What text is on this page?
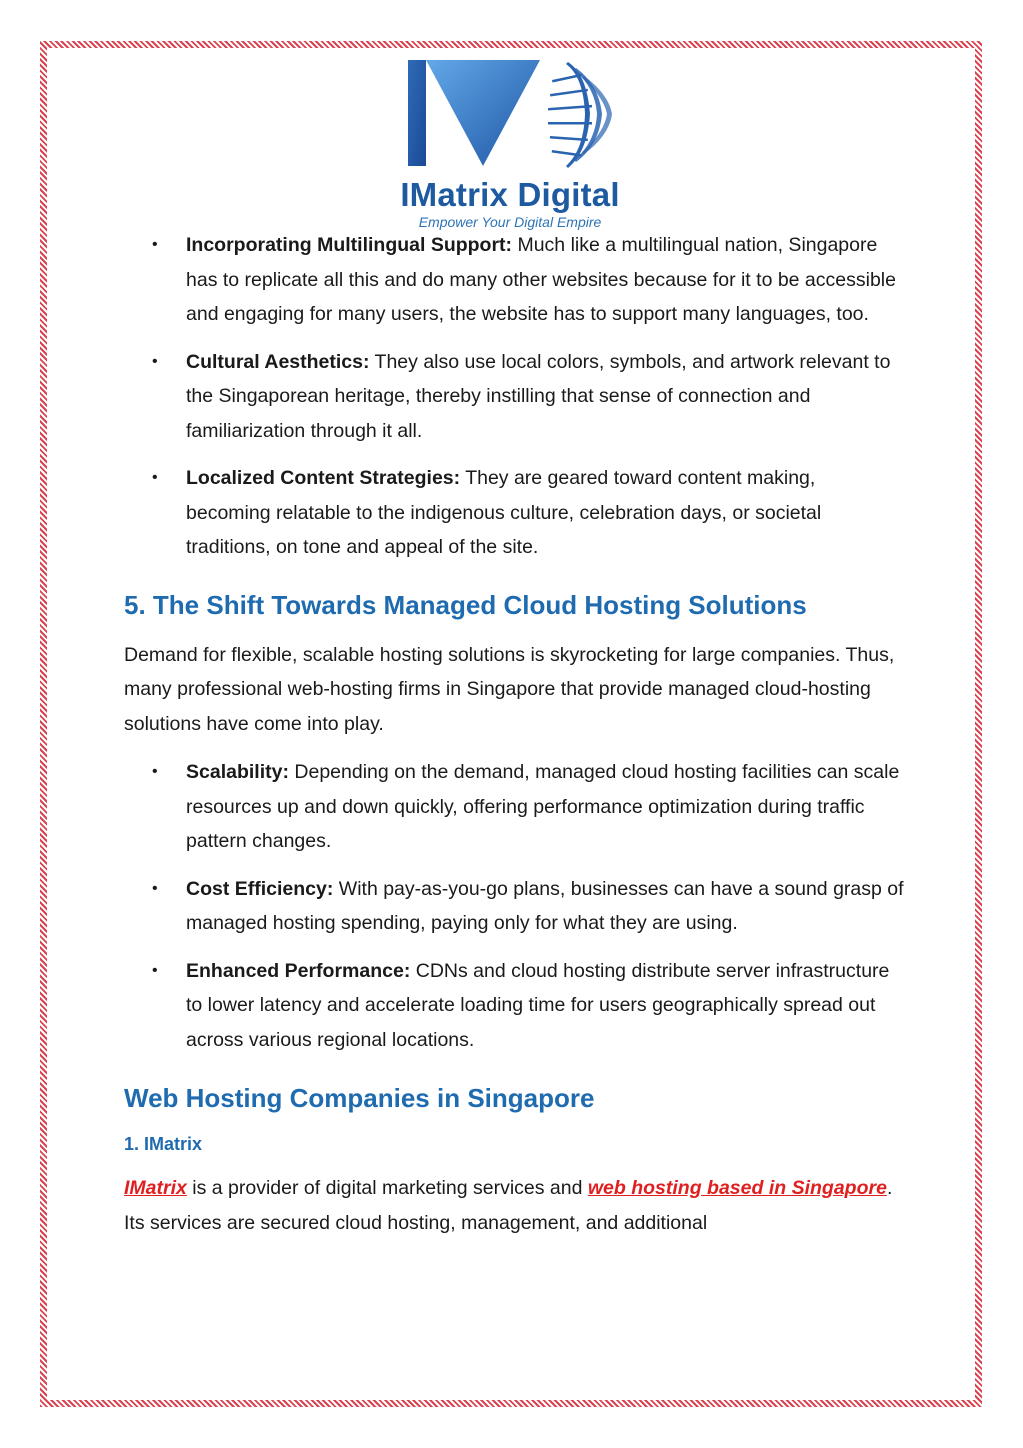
IMatrix Digital
Empower Your Digital Empire
• Incorporating Multilingual Support: Much like a multilingual nation, Singapore has to replicate all this and do many other websites because for it to be accessible and engaging for many users, the website has to support many languages, too.
• Cultural Aesthetics: They also use local colors, symbols, and artwork relevant to the Singaporean heritage, thereby instilling that sense of connection and familiarization through it all.
• Localized Content Strategies: They are geared toward content making, becoming relatable to the indigenous culture, celebration days, or societal traditions, on tone and appeal of the site.
5. The Shift Towards Managed Cloud Hosting Solutions

Demand for flexible, scalable hosting solutions is skyrocketing for large companies. Thus, many professional web-hosting firms in Singapore that provide managed cloud-hosting solutions have come into play.

• Scalability: Depending on the demand, managed cloud hosting facilities can scale resources up and down quickly, offering performance optimization during traffic pattern changes.
• Cost Efficiency: With pay-as-you-go plans, businesses can have a sound grasp of managed hosting spending, paying only for what they are using.
• Enhanced Performance: CDNs and cloud hosting distribute server infrastructure to lower latency and accelerate loading time for users geographically spread out across various regional locations.
Web Hosting Companies in Singapore
1. IMatrix

IMatrix is a provider of digital marketing services and web hosting based in Singapore. Its services are secured cloud hosting, management, and additional
